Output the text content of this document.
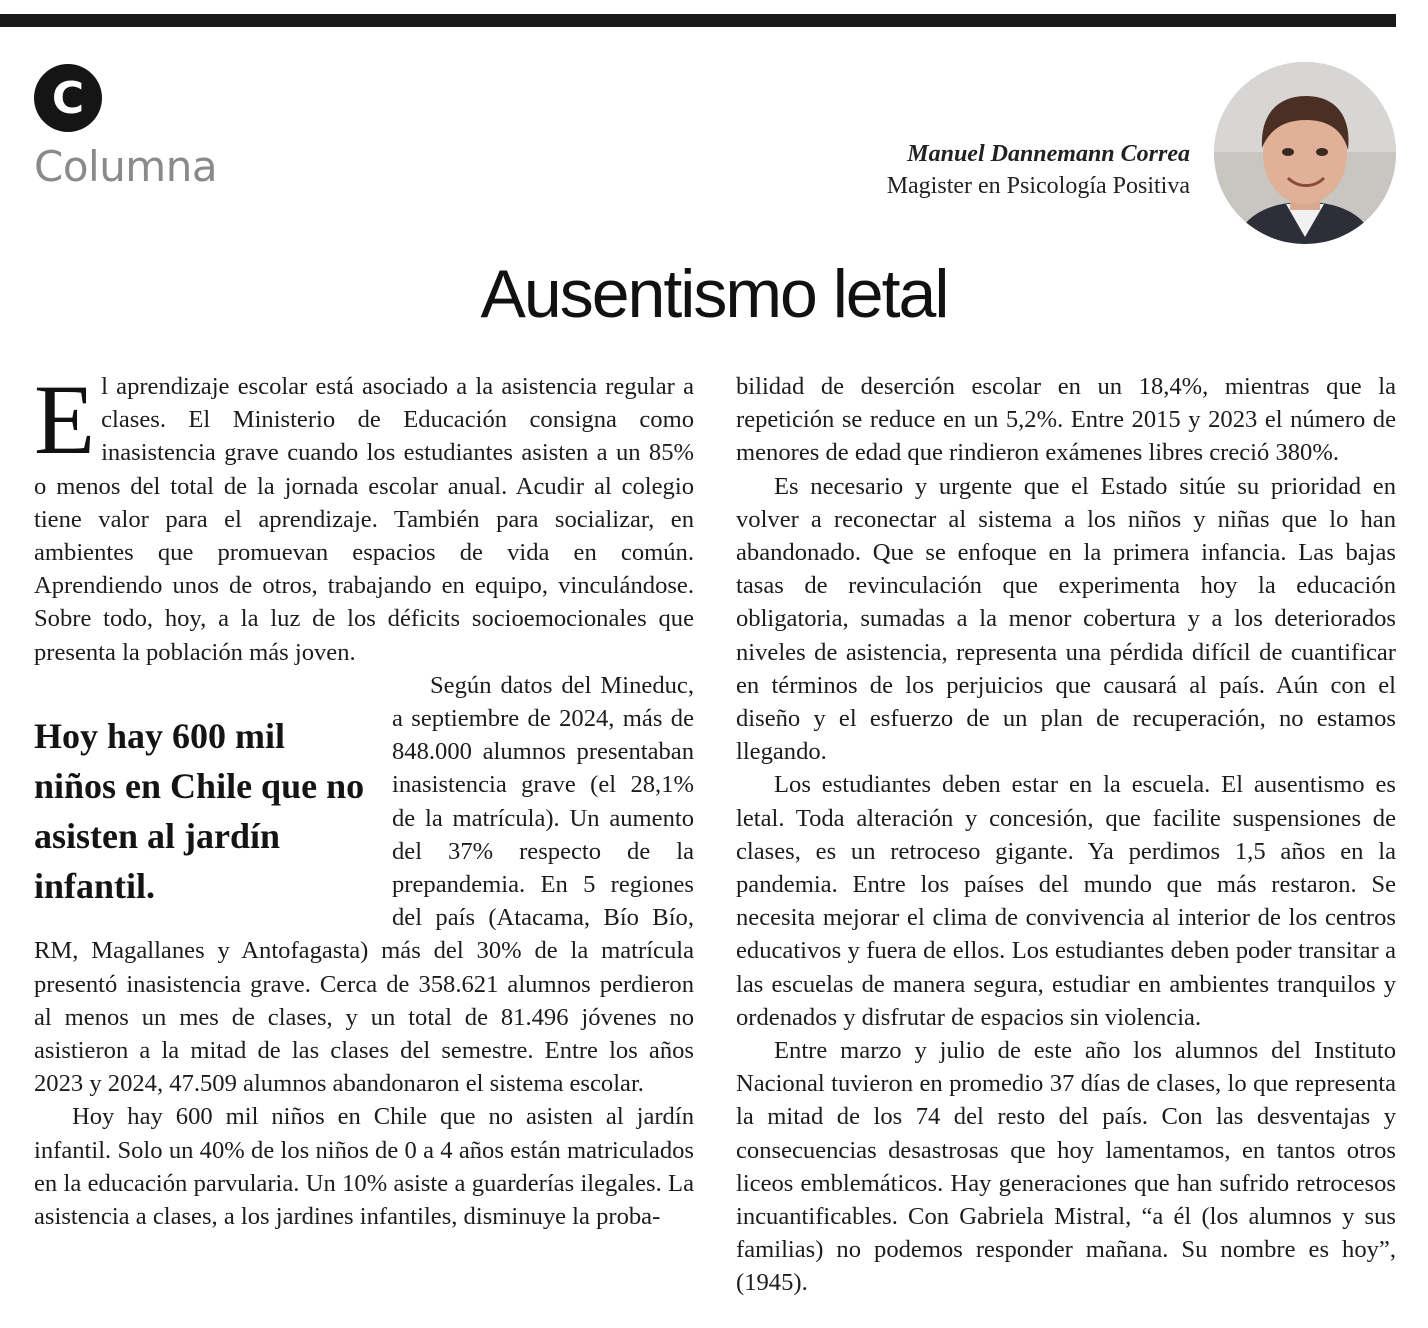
C
Columna	Manuel Dannemann Correa
Magister en Psicología Positiva
Ausentismo letal

El aprendizaje escolar está asociado a la asistencia regular a clases. El Ministerio de Educación consigna como inasistencia grave cuando los estudiantes asisten a un 85% o menos del total de la jornada escolar anual. Acudir al colegio tiene valor para el aprendizaje. También para socializar, en ambientes que promuevan espacios de vida en común. Aprendiendo unos de otros, trabajando en equipo, vinculándose. Sobre todo, hoy, a la luz de los déficits socioemocionales que presenta la población más joven.

Hoy hay 600 mil niños en Chile que no asisten al jardín infantil.

Según datos del Mineduc, a septiembre de 2024, más de 848.000 alumnos presentaban inasistencia grave (el 28,1% de la matrícula). Un aumento del 37% respecto de la prepandemia. En 5 regiones del país (Atacama, Bío Bío, RM, Magallanes y Antofagasta) más del 30% de la matrícula presentó inasistencia grave. Cerca de 358.621 alumnos perdieron al menos un mes de clases, y un total de 81.496 jóvenes no asistieron a la mitad de las clases del semestre. Entre los años 2023 y 2024, 47.509 alumnos abandonaron el sistema escolar.

Hoy hay 600 mil niños en Chile que no asisten al jardín infantil. Solo un 40% de los niños de 0 a 4 años están matriculados en la educación parvularia. Un 10% asiste a guarderías ilegales. La asistencia a clases, a los jardines infantiles, disminuye la proba-

bilidad de deserción escolar en un 18,4%, mientras que la repetición se reduce en un 5,2%. Entre 2015 y 2023 el número de menores de edad que rindieron exámenes libres creció 380%.

Es necesario y urgente que el Estado sitúe su prioridad en volver a reconectar al sistema a los niños y niñas que lo han abandonado. Que se enfoque en la primera infancia. Las bajas tasas de revinculación que experimenta hoy la educación obligatoria, sumadas a la menor cobertura y a los deteriorados niveles de asistencia, representa una pérdida difícil de cuantificar en términos de los perjuicios que causará al país. Aún con el diseño y el esfuerzo de un plan de recuperación, no estamos llegando.

Los estudiantes deben estar en la escuela. El ausentismo es letal. Toda alteración y concesión, que facilite suspensiones de clases, es un retroceso gigante. Ya perdimos 1,5 años en la pandemia. Entre los países del mundo que más restaron. Se necesita mejorar el clima de convivencia al interior de los centros educativos y fuera de ellos. Los estudiantes deben poder transitar a las escuelas de manera segura, estudiar en ambientes tranquilos y ordenados y disfrutar de espacios sin violencia.

Entre marzo y julio de este año los alumnos del Instituto Nacional tuvieron en promedio 37 días de clases, lo que representa la mitad de los 74 del resto del país. Con las desventajas y consecuencias desastrosas que hoy lamentamos, en tantos otros liceos emblemáticos. Hay generaciones que han sufrido retrocesos incuantificables. Con Gabriela Mistral, “a él (los alumnos y sus familias) no podemos responder mañana. Su nombre es hoy”, (1945).
